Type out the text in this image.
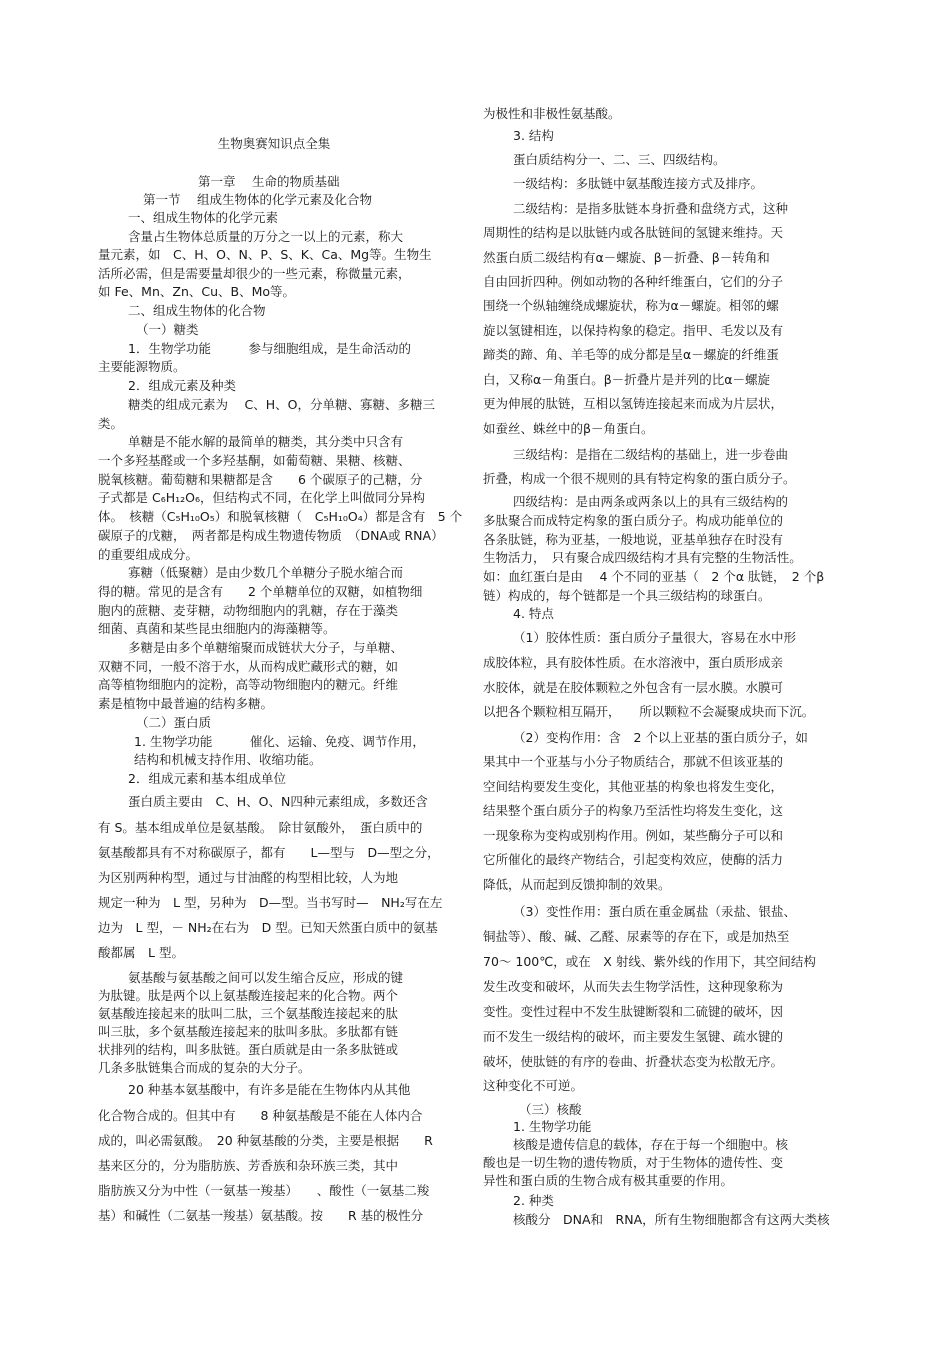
生物奥赛知识点全集
第一章　 生命的物质基础
第一节　 组成生物体的化学元素及化合物
一、组成生物体的化学元素
含量占生物体总质量的万分之一以上的元素，称大
量元素，如　C、H、O、N、P、S、K、Ca、Mg等。生物生
活所必需，但是需要量却很少的一些元素，称微量元素，
如 Fe、Mn、Zn、Cu、B、Mo等。
二、组成生物体的化合物
（一）糖类
1．生物学功能　　　参与细胞组成，是生命活动的
主要能源物质。
2．组成元素及种类
糖类的组成元素为　 C、H、O，分单糖、寡糖、多糖三
类。
单糖是不能水解的最简单的糖类，其分类中只含有
一个多羟基醛或一个多羟基酮，如葡萄糖、果糖、核糖、
脱氧核糖。葡萄糖和果糖都是含　　6 个碳原子的己糖，分
子式都是 C₆H₁₂O₆，但结构式不同，在化学上叫做同分异构
体。　核糖（C₅H₁₀O₅）和脱氧核糖（　C₅H₁₀O₄）都是含有　5 个
碳原子的戊糖，　两者都是构成生物遗传物质　（DNA或 RNA）
的重要组成成分。
寡糖（低聚糖）是由少数几个单糖分子脱水缩合而
得的糖。常见的是含有　　2 个单糖单位的双糖，如植物细
胞内的蔗糖、麦芽糖，动物细胞内的乳糖，存在于藻类
细菌、真菌和某些昆虫细胞内的海藻糖等。
多糖是由多个单糖缩聚而成链状大分子，与单糖、
双糖不同，一般不溶于水，从而构成贮藏形式的糖，如
高等植物细胞内的淀粉，高等动物细胞内的糖元。纤维
素是植物中最普遍的结构多糖。
（二）蛋白质
1. 生物学功能　　　催化、运输、免疫、调节作用，
结构和机械支持作用、收缩功能。
2．组成元素和基本组成单位
蛋白质主要由　C、H、O、N四种元素组成，多数还含
有 S。基本组成单位是氨基酸。　除甘氨酸外，　蛋白质中的
氨基酸都具有不对称碳原子，都有　　L—型与　D—型之分，
为区别两种构型，通过与甘油醛的构型相比较，人为地
规定一种为　L 型，另种为　D—型。当书写时—　NH₂写在左
边为　L 型，－ NH₂在右为　D 型。已知天然蛋白质中的氨基
酸都属　L 型。
氨基酸与氨基酸之间可以发生缩合反应，形成的键
为肽键。肽是两个以上氨基酸连接起来的化合物。两个
氨基酸连接起来的肽叫二肽，三个氨基酸连接起来的肽
叫三肽，多个氨基酸连接起来的肽叫多肽。多肽都有链
状排列的结构，叫多肽链。蛋白质就是由一条多肽链或
几条多肽链集合而成的复杂的大分子。
20 种基本氨基酸中，有许多是能在生物体内从其他
化合物合成的。但其中有　　8 种氨基酸是不能在人体内合
成的，叫必需氨酸。　20 种氨基酸的分类，主要是根据　　R
基来区分的，分为脂肪族、芳香族和杂环族三类，其中
脂肪族又分为中性（一氨基一羧基）　　、酸性（一氨基二羧
基）和碱性（二氨基一羧基）氨基酸。按　　R 基的极性分
为极性和非极性氨基酸。
3. 结构
蛋白质结构分一、二、三、四级结构。
一级结构：多肽链中氨基酸连接方式及排序。
二级结构：是指多肽链本身折叠和盘绕方式，这种
周期性的结构是以肽链内或各肽链间的氢键来维持。天
然蛋白质二级结构有α－螺旋、β－折叠、β－转角和
自由回折四种。例如动物的各种纤维蛋白，它们的分子
围绕一个纵轴缠绕成螺旋状，称为α－螺旋。相邻的螺
旋以氢键相连，以保持构象的稳定。指甲、毛发以及有
蹄类的蹄、角、羊毛等的成分都是呈α－螺旋的纤维蛋
白，又称α－角蛋白。β－折叠片是并列的比α－螺旋
更为伸展的肽链，互相以氢铸连接起来而成为片层状，
如蚕丝、蛛丝中的β－角蛋白。
三级结构：是指在二级结构的基础上，进一步卷曲
折叠，构成一个很不规则的具有特定构象的蛋白质分子。
四级结构：是由两条或两条以上的具有三级结构的
多肽聚合而成特定构象的蛋白质分子。构成功能单位的
各条肽链，称为亚基，一般地说，亚基单独存在时没有
生物活力，　只有聚合成四级结构才具有完整的生物活性。
如：血红蛋白是由　 4 个不同的亚基（　2 个α 肽链，　2 个β
链）构成的，每个链都是一个具三级结构的球蛋白。
4. 特点
（1）胶体性质：蛋白质分子量很大，容易在水中形
成胶体粒，具有胶体性质。在水溶液中，蛋白质形成亲
水胶体，就是在胶体颗粒之外包含有一层水膜。水膜可
以把各个颗粒相互隔开，　　所以颗粒不会凝聚成块而下沉。
（2）变构作用：含　2 个以上亚基的蛋白质分子，如
果其中一个亚基与小分子物质结合，那就不但该亚基的
空间结构要发生变化，其他亚基的构象也将发生变化，
结果整个蛋白质分子的构象乃至活性均将发生变化，这
一现象称为变构或别构作用。例如，某些酶分子可以和
它所催化的最终产物结合，引起变构效应，使酶的活力
降低，从而起到反馈抑制的效果。
（3）变性作用：蛋白质在重金属盐（汞盐、银盐、
铜盐等）、酸、碱、乙醛、尿素等的存在下，或是加热至
70～ 100℃，或在　X 射线、紫外线的作用下，其空间结构
发生改变和破坏，从而失去生物学活性，这种现象称为
变性。变性过程中不发生肽键断裂和二硫键的破坏，因
而不发生一级结构的破坏，而主要发生氢键、疏水键的
破坏，使肽链的有序的卷曲、折叠状态变为松散无序。
这种变化不可逆。
（三）核酸
1. 生物学功能
核酸是遗传信息的载体，存在于每一个细胞中。核
酸也是一切生物的遗传物质，对于生物体的遗传性、变
异性和蛋白质的生物合成有极其重要的作用。
2. 种类
核酸分　DNA和　RNA，所有生物细胞都含有这两大类核
